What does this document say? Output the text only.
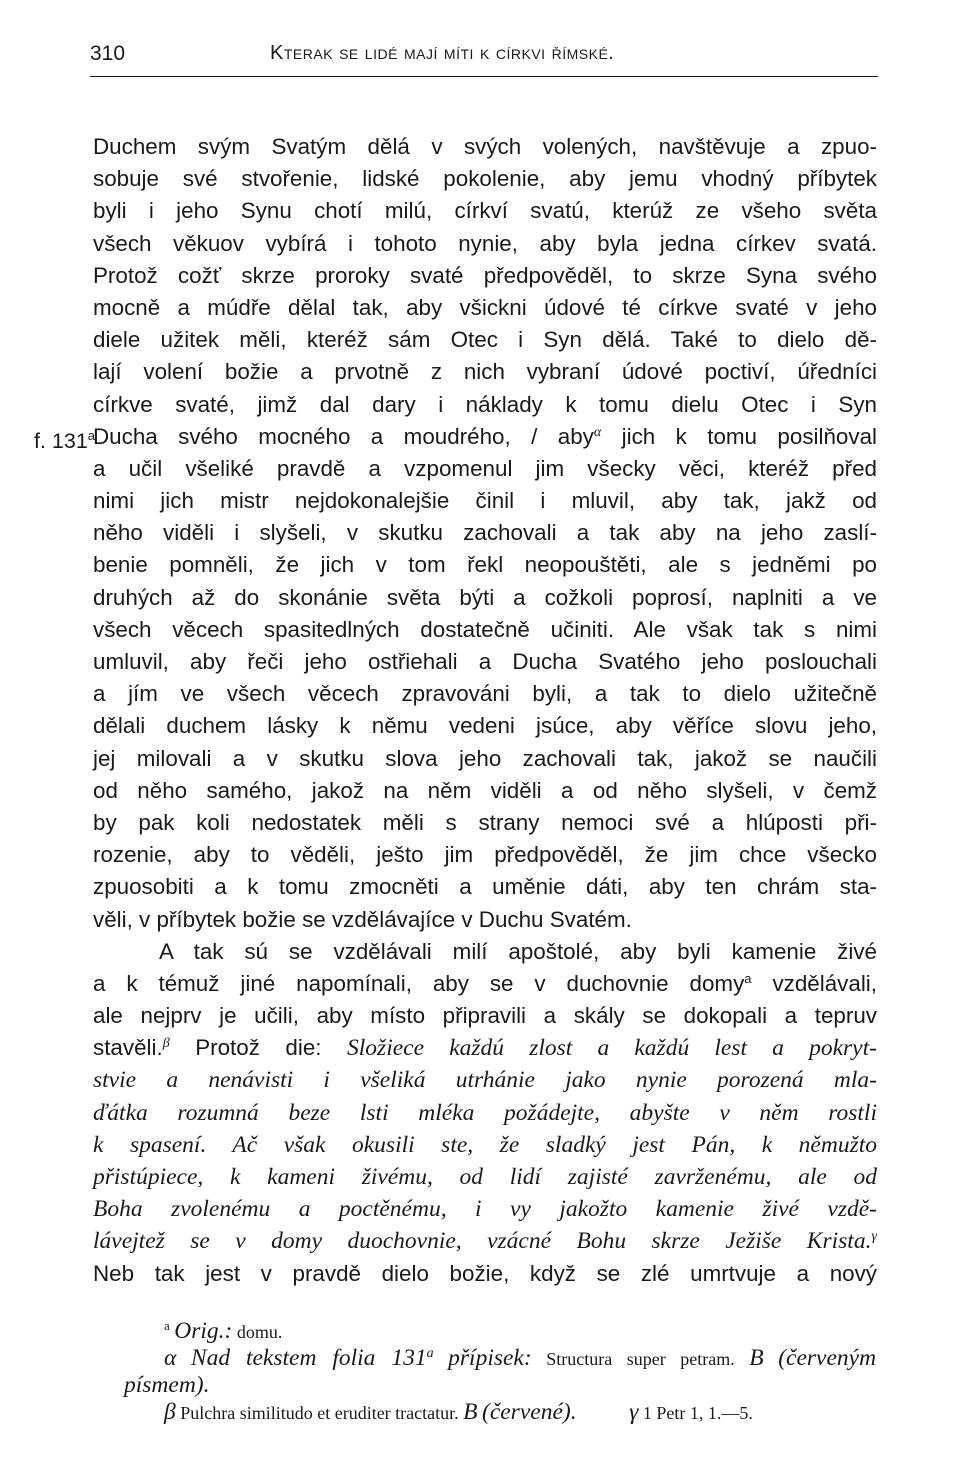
310	Kterak se lidé mají míti k církvi římské.
f. 131$^a$
Duchem svým Svatým dělá v svých volených, navštěvuje a zpuo-
sobuje své stvořenie, lidské pokolenie, aby jemu vhodný příbytek
byli i jeho Synu chotí milú, církví svatú, kterúž ze všeho světa
všech věkuov vybírá i tohoto nynie, aby byla jedna církev svatá.
Protož cožť skrze proroky svaté předpověděl, to skrze Syna svého
mocně a múdře dělal tak, aby všickni údové té církve svaté v jeho
diele užitek měli, kteréž sám Otec i Syn dělá. Také to dielo dě-
lají volení božie a prvotně z nich vybraní údové poctiví, úředníci
církve svaté, jimž dal dary i náklady k tomu dielu Otec i Syn
Ducha svého mocného a moudrého, / aby$^\alpha$ jich k tomu posilňoval
a učil všeliké pravdě a vzpomenul jim všecky věci, kteréž před
nimi jich mistr nejdokonalejšie činil i mluvil, aby tak, jakž od
něho viděli i slyšeli, v skutku zachovali a tak aby na jeho zaslí-
benie pomněli, že jich v tom řekl neopouštěti, ale s jedněmi po
druhých až do skonánie světa býti a cožkoli poprosí, naplniti a ve
všech věcech spasitedlných dostatečně učiniti. Ale však tak s nimi
umluvil, aby řeči jeho ostřiehali a Ducha Svatého jeho poslouchali
a jím ve všech věcech zpravováni byli, a tak to dielo užitečně
dělali duchem lásky k němu vedeni jsúce, aby věříce slovu jeho,
jej milovali a v skutku slova jeho zachovali tak, jakož se naučili
od něho samého, jakož na něm viděli a od něho slyšeli, v čemž
by pak koli nedostatek měli s strany nemoci své a hlúposti při-
rozenie, aby to věděli, ješto jim předpověděl, že jim chce všecko
zpuosobiti a k tomu zmocněti a uměnie dáti, aby ten chrám sta-
věli, v příbytek božie se vzdělávajíce v Duchu Svatém.
A tak sú se vzdělávali milí apoštolé, aby byli kamenie živé
a k témuž jiné napomínali, aby se v duchovnie domy$^a$ vzdělávali,
ale nejprv je učili, aby místo připravili a skály se dokopali a tepruv
stavěli.$^\beta$ Protož die: Složiece každú zlost a každú lest a pokryt-
stvie a nenávisti i všeliká utrhánie jako nynie porozená mla-
ďátka rozumná beze lsti mléka požádejte, abyšte v něm rostli
k spasení. Ač však okusili ste, že sladký jest Pán, k němužto
přistúpiece, k kameni živému, od lidí zajisté zavrženému, ale od
Boha zvolenému a poctěnému, i vy jakožto kamenie živé vzdě-
lávejtež se v domy duochovnie, vzácné Bohu skrze Ježiše Krista.$^\gamma$
Neb tak jest v pravdě dielo božie, když se zlé umrtvuje a nový
$^a$ Orig.: domu.
α Nad tekstem folia 131$^a$ přípisek: Structura super petram. B (červeným
písmem).
β Pulchra similitudo et eruditer tractatur. B (červené). γ 1 Petr 1, 1.—5.
